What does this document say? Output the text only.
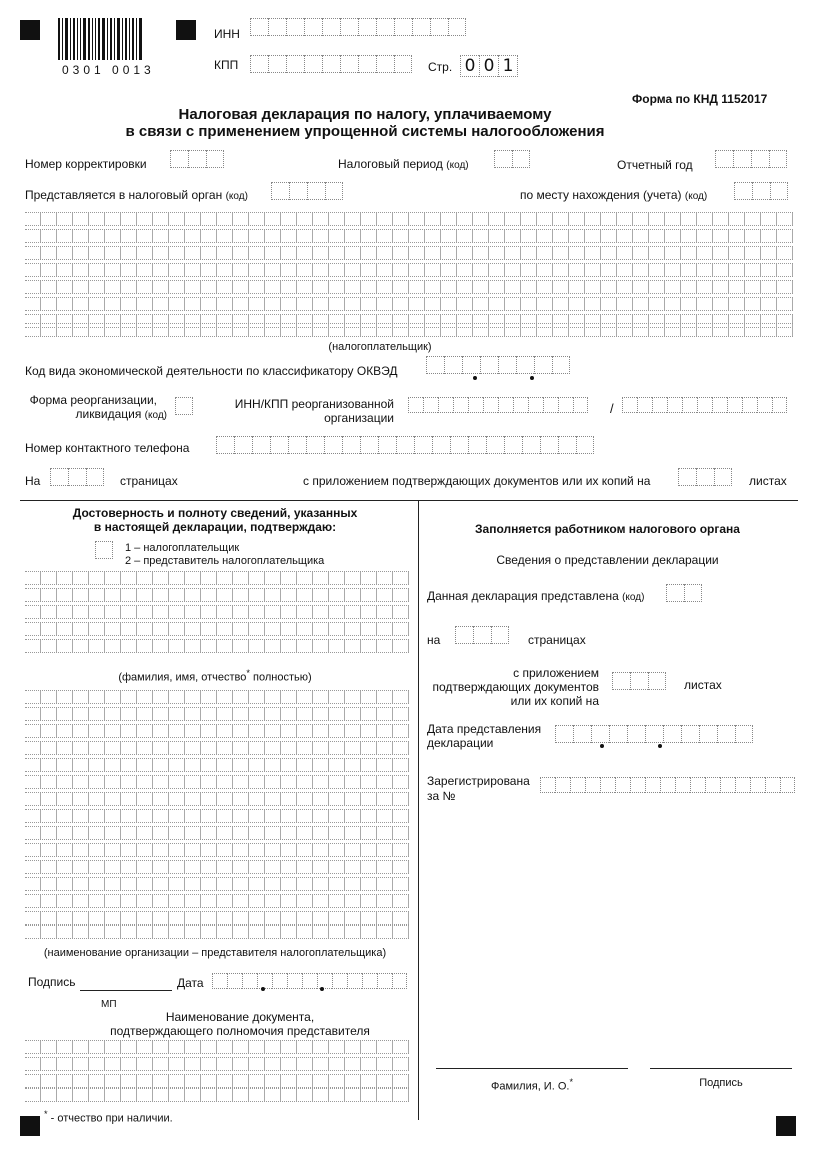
0301 0013
ИНН
КПП	Стр. 0 0 1
Форма по КНД 1152017
Налоговая декларация по налогу, уплачиваемому
в связи с применением упрощенной системы налогообложения
Номер корректировки	Налоговый период (код)	Отчетный год
Представляется в налоговый орган (код)	по месту нахождения (учета) (код)
(налогоплательщик)
Код вида экономической деятельности по классификатору ОКВЭД
Форма реорганизации,
ликвидация (код)
ИНН/КПП реорганизованной
организации
/
Номер контактного телефона
На	страницах	с приложением подтверждающих документов или их копий на	листах
Достоверность и полноту сведений, указанных
в настоящей декларации, подтверждаю:
1 – налогоплательщик
2 – представитель налогоплательщика
(фамилия, имя, отчество* полностью)
(наименование организации – представителя налогоплательщика)
Подпись	Дата
МП
Наименование документа,
подтверждающего полномочия представителя
* - отчество при наличии.
Заполняется работником налогового органа
Сведения о представлении декларации
Данная декларация представлена (код)
на	страницах
с приложением
подтверждающих документов
или их копий на
листах
Дата представления
декларации
Зарегистрирована
за №
Фамилия, И. О.*	Подпись
